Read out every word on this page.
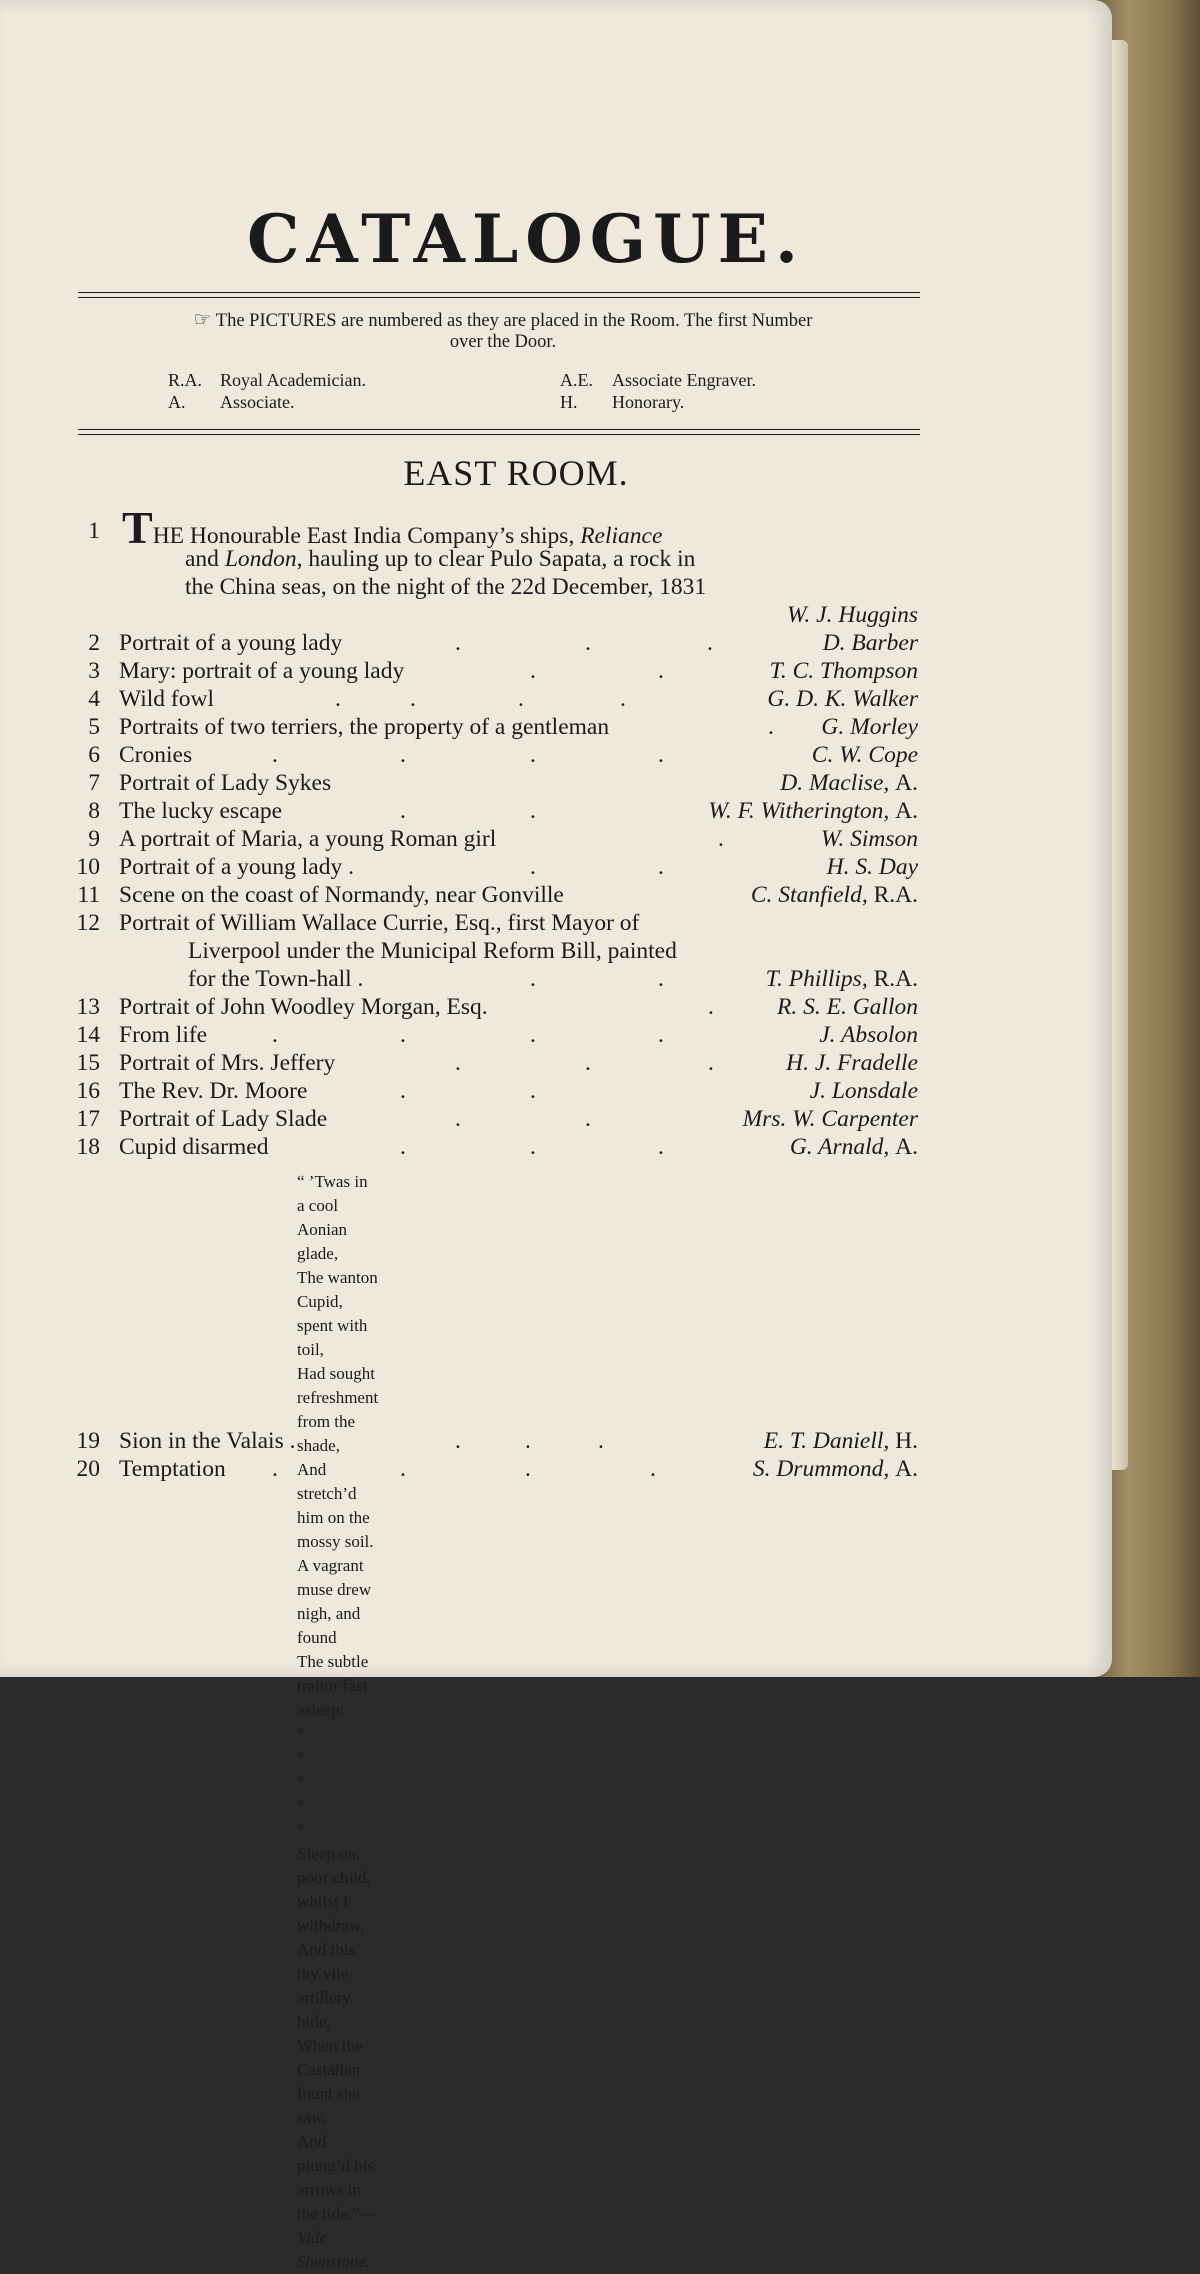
CATALOGUE.
☞ The PICTURES are numbered as they are placed in the Room. The first Number
over the Door.
R.A. Royal Academician.
A. Associate.
A.E. Associate Engraver.
H. Honorary.
EAST ROOM.
1 THE Honourable East India Company’s ships, Reliance
and London, hauling up to clear Pulo Sapata, a rock in
the China seas, on the night of the 22d December, 1831
W. J. Huggins
2 Portrait of a young lady	.	.	.	D. Barber
3 Mary: portrait of a young lady	.	.	T. C. Thompson
4 Wild fowl	.	.	.	.	G. D. K. Walker
5 Portraits of two terriers, the property of a gentleman	. G. Morley
6 Cronies	.	.	.	.	C. W. Cope
7 Portrait of Lady Sykes	D. Maclise, A.
8 The lucky escape	.	.	W. F. Witherington, A.
9 A portrait of Maria, a young Roman girl	.	W. Simson
10 Portrait of a young lady .	.	.	H. S. Day
11 Scene on the coast of Normandy, near Gonville	C. Stanfield, R.A.
12 Portrait of William Wallace Currie, Esq., first Mayor of
Liverpool under the Municipal Reform Bill, painted
for the Town-hall .	.	.	T. Phillips, R.A.
13 Portrait of John Woodley Morgan, Esq.	.	R. S. E. Gallon
14 From life	.	.	.	.	J. Absolon
15 Portrait of Mrs. Jeffery	.	.	.	H. J. Fradelle
16 The Rev. Dr. Moore	.	.	J. Lonsdale
17 Portrait of Lady Slade	.	.	Mrs. W. Carpenter
18 Cupid disarmed	.	.	.	G. Arnald, A.
“ ’Twas in a cool Aonian glade,
The wanton Cupid, spent with toil,
Had sought refreshment from the shade,
And stretch’d him on the mossy soil.
A vagrant muse drew nigh, and found
The subtle traitor fast asleep:
*****
Sleep on, poor child, whilst I withdraw,
And this thy vile artillery hide,
When the Castalian fount she saw,
And plung’d his arrows in the tide.”—Vide Shenstone.
19 Sion in the Valais .	.	.	.	E. T. Daniell, H.
20 Temptation .	.	.	.	S. Drummond, A.
